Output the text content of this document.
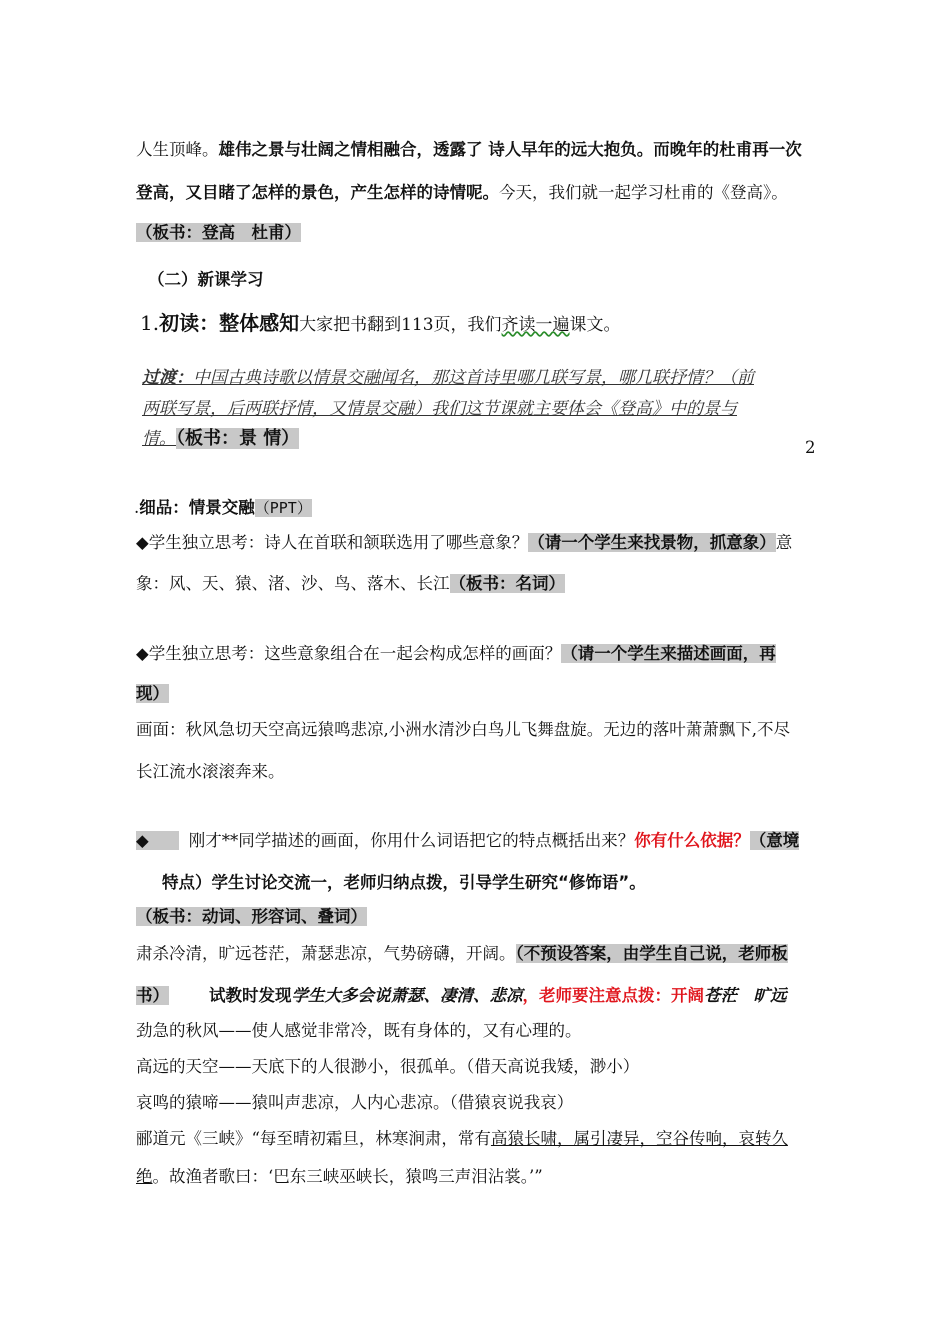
人生顶峰。雄伟之景与壮阔之情相融合，透露了 诗人早年的远大抱负。而晚年的杜甫再一次
登高，又目睹了怎样的景色，产生怎样的诗情呢。今天，我们就一起学习杜甫的《登高》。
（板书：登高　杜甫）
（二）新课学习
1.初读：整体感知大家把书翻到113页，我们齐读一遍课文。
过渡：中国古典诗歌以情景交融闻名，那这首诗里哪几联写景，哪几联抒情？（前
两联写景，后两联抒情，又情景交融）我们这节课就主要体会《登高》中的景与
情。（板书：景 情）	2
.细品：情景交融（PPT）
◆学生独立思考：诗人在首联和颔联选用了哪些意象？（请一个学生来找景物，抓意象）意
象：风、天、猿、渚、沙、鸟、落木、长江（板书：名词）
◆学生独立思考：这些意象组合在一起会构成怎样的画面？（请一个学生来描述画面，再
现）
画面：秋风急切天空高远猿鸣悲凉,小洲水清沙白鸟儿飞舞盘旋。无边的落叶萧萧飘下,不尽
长江流水滚滚奔来。
◆ 刚才**同学描述的画面，你用什么词语把它的特点概括出来？你有什么依据？（意境
特点）学生讨论交流一，老师归纳点拨，引导学生研究“修饰语”。
（板书：动词、形容词、叠词）
肃杀冷清，旷远苍茫，萧瑟悲凉，气势磅礴，开阔。（不预设答案，由学生自己说，老师板
书） 试教时发现学生大多会说萧瑟、凄清、悲凉，老师要注意点拨：开阔苍茫　旷远
劲急的秋风——使人感觉非常冷，既有身体的，又有心理的。
高远的天空——天底下的人很渺小，很孤单。（借天高说我矮，渺小）
哀鸣的猿啼——猿叫声悲凉，人内心悲凉。（借猿哀说我哀）
郦道元《三峡》“每至晴初霜旦，林寒涧肃，常有高猿长啸，属引凄异，空谷传响，哀转久
绝。故渔者歌曰：‘巴东三峡巫峡长，猿鸣三声泪沾裳。’”
